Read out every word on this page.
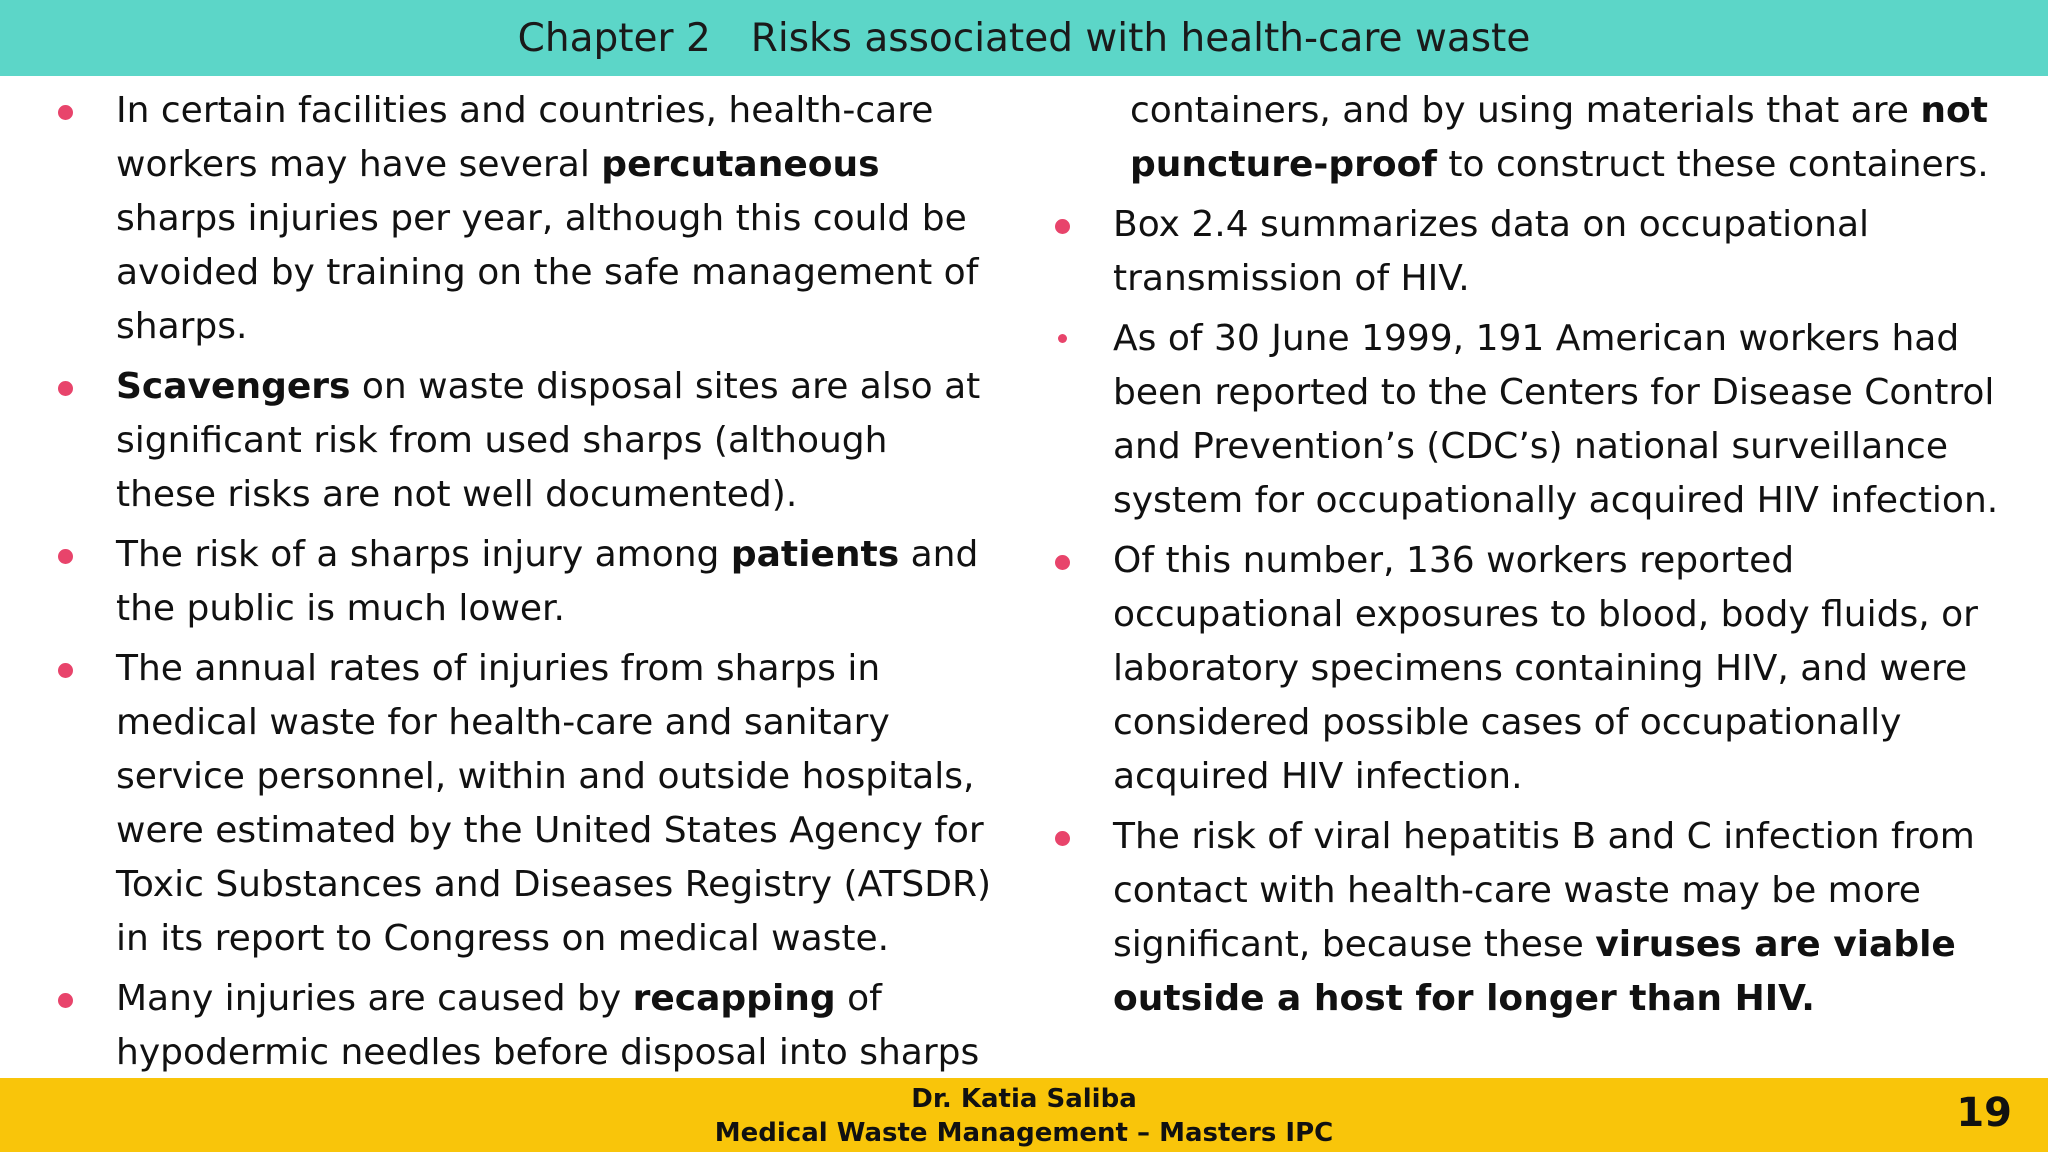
Chapter 2 Risks associated with health-care waste
In certain facilities and countries, health-care workers may have several percutaneous sharps injuries per year, although this could be avoided by training on the safe management of sharps.
Scavengers on waste disposal sites are also at significant risk from used sharps (although these risks are not well documented).
The risk of a sharps injury among patients and the public is much lower.
The annual rates of injuries from sharps in medical waste for health-care and sanitary service personnel, within and outside hospitals, were estimated by the United States Agency for Toxic Substances and Diseases Registry (ATSDR) in its report to Congress on medical waste.
Many injuries are caused by recapping of hypodermic needles before disposal into sharps
containers, and by using materials that are not puncture-proof to construct these containers.
Box 2.4 summarizes data on occupational transmission of HIV.
As of 30 June 1999, 191 American workers had been reported to the Centers for Disease Control and Prevention’s (CDC’s) national surveillance system for occupationally acquired HIV infection.
Of this number, 136 workers reported occupational exposures to blood, body fluids, or laboratory specimens containing HIV, and were considered possible cases of occupationally acquired HIV infection.
The risk of viral hepatitis B and C infection from contact with health-care waste may be more significant, because these viruses are viable outside a host for longer than HIV.
Dr. Katia Saliba
Medical Waste Management – Masters IPC	19
